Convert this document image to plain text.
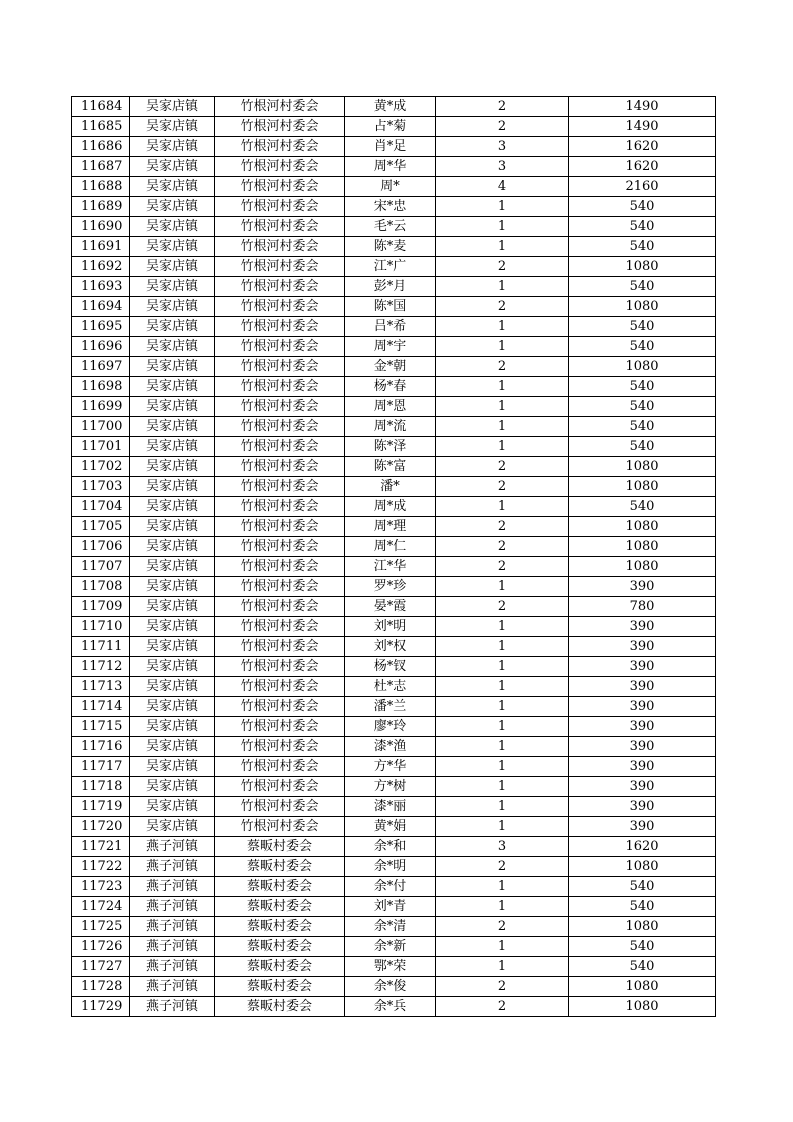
11684	吴家店镇	竹根河村委会	黄*成	2	1490
11685	吴家店镇	竹根河村委会	占*菊	2	1490
11686	吴家店镇	竹根河村委会	肖*足	3	1620
11687	吴家店镇	竹根河村委会	周*华	3	1620
11688	吴家店镇	竹根河村委会	周*	4	2160
11689	吴家店镇	竹根河村委会	宋*忠	1	540
11690	吴家店镇	竹根河村委会	毛*云	1	540
11691	吴家店镇	竹根河村委会	陈*麦	1	540
11692	吴家店镇	竹根河村委会	江*广	2	1080
11693	吴家店镇	竹根河村委会	彭*月	1	540
11694	吴家店镇	竹根河村委会	陈*国	2	1080
11695	吴家店镇	竹根河村委会	吕*希	1	540
11696	吴家店镇	竹根河村委会	周*宇	1	540
11697	吴家店镇	竹根河村委会	金*朝	2	1080
11698	吴家店镇	竹根河村委会	杨*春	1	540
11699	吴家店镇	竹根河村委会	周*恩	1	540
11700	吴家店镇	竹根河村委会	周*流	1	540
11701	吴家店镇	竹根河村委会	陈*泽	1	540
11702	吴家店镇	竹根河村委会	陈*富	2	1080
11703	吴家店镇	竹根河村委会	潘*	2	1080
11704	吴家店镇	竹根河村委会	周*成	1	540
11705	吴家店镇	竹根河村委会	周*理	2	1080
11706	吴家店镇	竹根河村委会	周*仁	2	1080
11707	吴家店镇	竹根河村委会	江*华	2	1080
11708	吴家店镇	竹根河村委会	罗*珍	1	390
11709	吴家店镇	竹根河村委会	晏*霞	2	780
11710	吴家店镇	竹根河村委会	刘*明	1	390
11711	吴家店镇	竹根河村委会	刘*权	1	390
11712	吴家店镇	竹根河村委会	杨*钗	1	390
11713	吴家店镇	竹根河村委会	杜*志	1	390
11714	吴家店镇	竹根河村委会	潘*兰	1	390
11715	吴家店镇	竹根河村委会	廖*玲	1	390
11716	吴家店镇	竹根河村委会	漆*渔	1	390
11717	吴家店镇	竹根河村委会	方*华	1	390
11718	吴家店镇	竹根河村委会	方*树	1	390
11719	吴家店镇	竹根河村委会	漆*丽	1	390
11720	吴家店镇	竹根河村委会	黄*娟	1	390
11721	燕子河镇	蔡畈村委会	余*和	3	1620
11722	燕子河镇	蔡畈村委会	余*明	2	1080
11723	燕子河镇	蔡畈村委会	余*付	1	540
11724	燕子河镇	蔡畈村委会	刘*青	1	540
11725	燕子河镇	蔡畈村委会	余*清	2	1080
11726	燕子河镇	蔡畈村委会	余*新	1	540
11727	燕子河镇	蔡畈村委会	鄂*荣	1	540
11728	燕子河镇	蔡畈村委会	余*俊	2	1080
11729	燕子河镇	蔡畈村委会	余*兵	2	1080
